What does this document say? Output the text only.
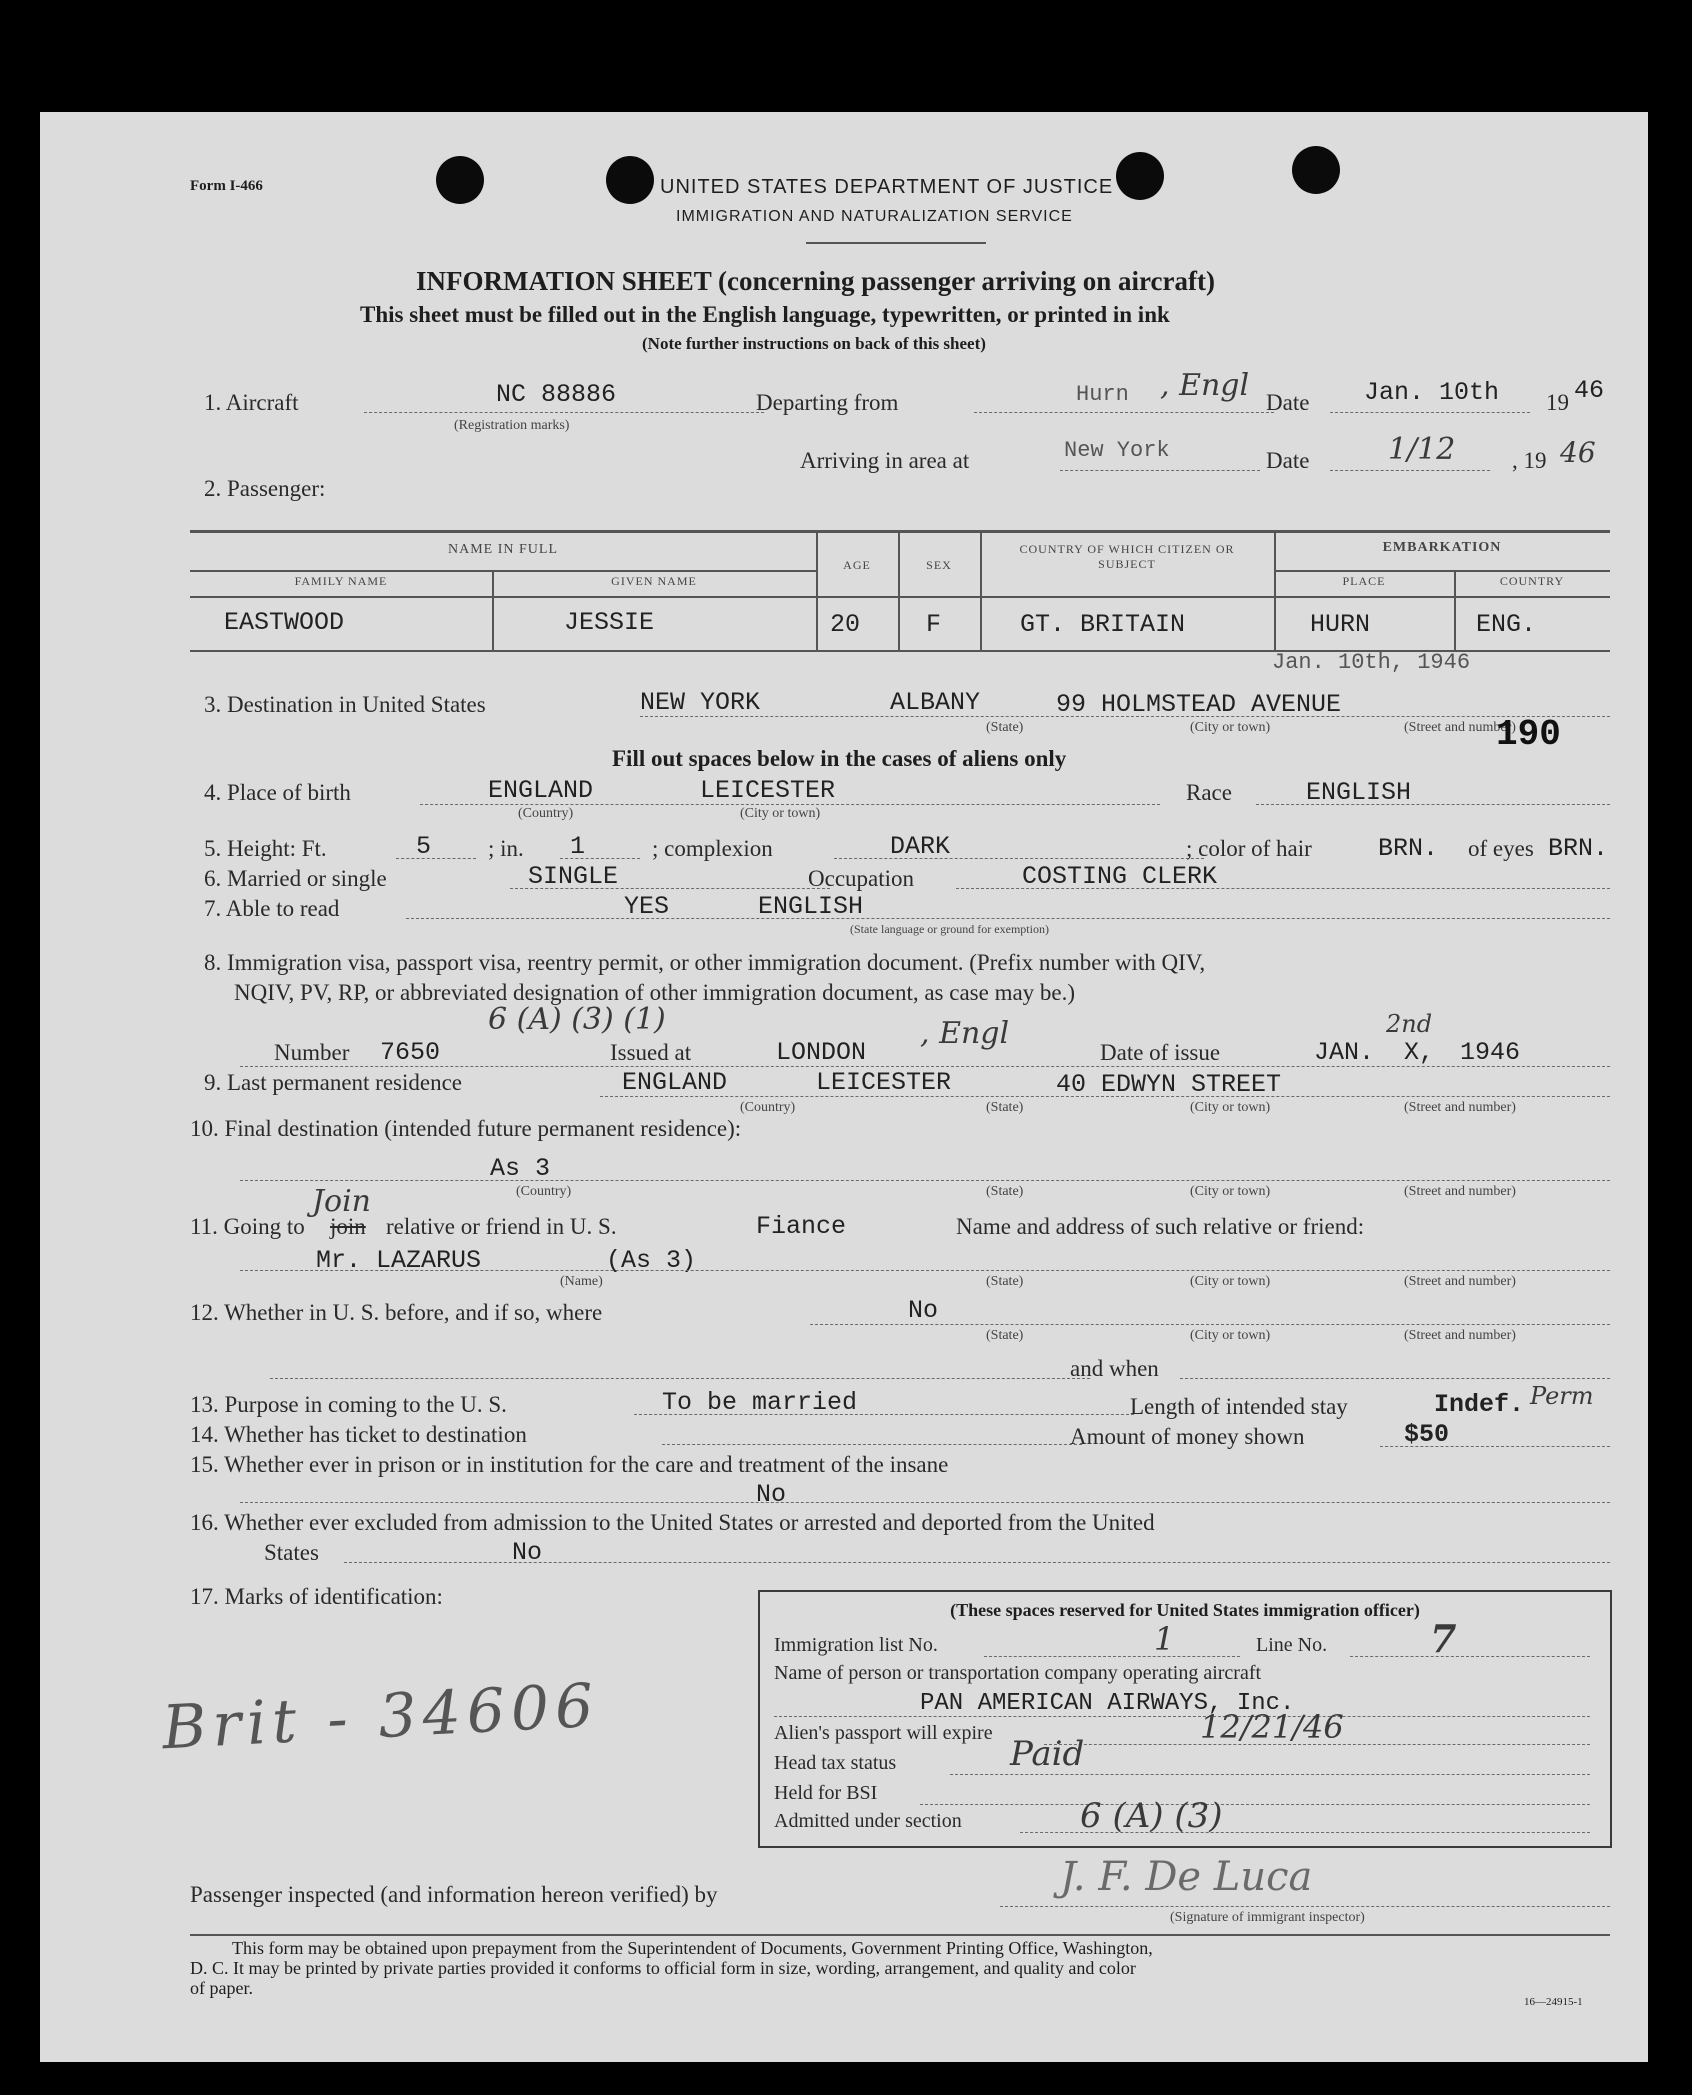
Form I-466	UNITED STATES DEPARTMENT OF JUSTICE
IMMIGRATION AND NATURALIZATION SERVICE
INFORMATION SHEET (concerning passenger arriving on aircraft)
This sheet must be filled out in the English language, typewritten, or printed in ink
(Note further instructions on back of this sheet)
1. Aircraft	NC 88886
(Registration marks)
Departing from	Hurn , Engl Date Jan. 10th 19 46
Arriving in area at	New York	Date	1/12 , 19 46
2. Passenger:
NAME IN FULL
FAMILY NAME	GIVEN NAME
AGE	SEX
COUNTRY OF WHICH CITIZEN OR SUBJECT
EMBARKATION
PLACE	COUNTRY
EASTWOOD	JESSIE	20	F	GT. BRITAIN	HURN	ENG.
Jan. 10th, 1946
3. Destination in United States	NEW YORK	ALBANY	99 HOLMSTEAD AVENUE
(State)	(City or town)	(Street and number)
190
Fill out spaces below in the cases of aliens only
4. Place of birth	ENGLAND	LEICESTER
(Country)	(City or town)
Race	ENGLISH
5. Height: Ft.	5 ; in. 1	; complexion	DARK	; color of hair	BRN. of eyes BRN.
6. Married or single	SINGLE	Occupation	COSTING CLERK
7. Able to read	YES	ENGLISH
(State language or ground for exemption)
8. Immigration visa, passport visa, reentry permit, or other immigration document. (Prefix number with QIV,
NQIV, PV, RP, or abbreviated designation of other immigration document, as case may be.)
6 (A) (3) (1)
Number 7650	Issued at	LONDON
, Engl
Date of issue	JAN. X, 1946
2nd
9. Last permanent residence	ENGLAND	LEICESTER	40 EDWYN STREET
(Country)	(State)	(City or town)	(Street and number)
10. Final destination (intended future permanent residence):
As 3
(Country)	(State)	(City or town)	(Street and number)
11. Going to join relative or friend in U. S.
Join
Fiance	Name and address of such relative or friend:
Mr. LAZARUS	(As 3)
(Name)	(State)	(City or town)	(Street and number)
12. Whether in U. S. before, and if so, where	No
(State)	(City or town)	(Street and number)
and when
13. Purpose in coming to the U. S.	To be married	Length of intended stay	Indef. Perm
14. Whether has ticket to destination	Amount of money shown	$50
15. Whether ever in prison or in institution for the care and treatment of the insane
No
16. Whether ever excluded from admission to the United States or arrested and deported from the United
States	No
17. Marks of identification:
Brit - 34606
(These spaces reserved for United States immigration officer)
Immigration list No.	1	Line No.	7
Name of person or transportation company operating aircraft
PAN AMERICAN AIRWAYS, Inc.
Alien's passport will expire	12/21/46
Head tax status	Paid
Held for BSI
Admitted under section	6 (A) (3)
Passenger inspected (and information hereon verified) by	J. F. De Luca
(Signature of immigrant inspector)
This form may be obtained upon prepayment from the Superintendent of Documents, Government Printing Office, Washington,
D. C. It may be printed by private parties provided it conforms to official form in size, wording, arrangement, and quality and color
of paper.
16—24915-1
